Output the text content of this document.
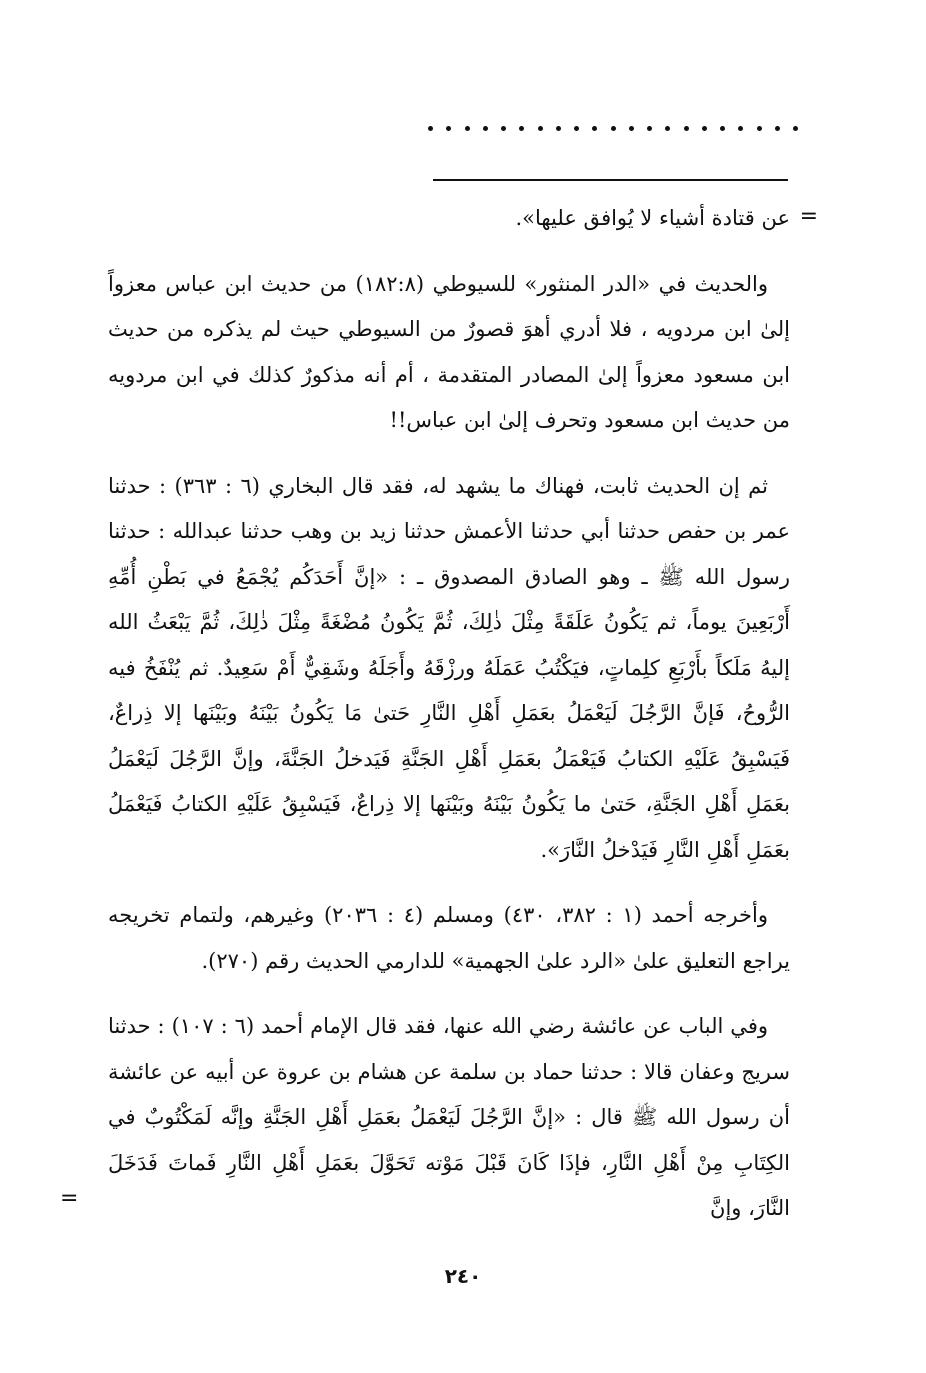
=

عن قتادة أشياء لا يُوافق عليها».

والحديث في «الدر المنثور» للسيوطي (١٨٢:٨) من حديث ابن عباس معزواً إلىٰ ابن مردويه ، فلا أدري أهوَ قصورٌ من السيوطي حيث لم يذكره من حديث ابن مسعود معزواً إلىٰ المصادر المتقدمة ، أم أنه مذكورٌ كذلك في ابن مردويه من حديث ابن مسعود وتحرف إلىٰ ابن عباس!!

ثم إن الحديث ثابت، فهناك ما يشهد له، فقد قال البخاري (٦ : ٣٦٣) : حدثنا عمر بن حفص حدثنا أبي حدثنا الأعمش حدثنا زيد بن وهب حدثنا عبدالله : حدثنا رسول الله ﷺ ـ وهو الصادق المصدوق ـ : «إنَّ أَحَدَكُم يُجْمَعُ في بَطْنِ أُمِّهِ أَرْبَعِينَ يوماً، ثم يَكُونُ عَلَقَةً مِثْلَ ذٰلِكَ، ثُمَّ يَكُونُ مُضْغَةً مِثْلَ ذٰلِكَ، ثُمَّ يَبْعَثُ الله إليهُ مَلَكاً بأَرْبَعِ كلِماتٍ، فيَكْتُبُ عَمَلَهُ ورزْقَهُ وأَجَلَهُ وشَقِيٌّ أَمْ سَعِيدٌ. ثم يُنْفَخُ فيه الرُّوحُ، فَإنَّ الرَّجُلَ لَيَعْمَلُ بعَمَلِ أَهْلِ النَّارِ حَتىٰ مَا يَكُونُ بَيْنَهُ وبَيْنَها إلا ذِراعٌ، فَيَسْبِقُ عَلَيْهِ الكتابُ فَيَعْمَلُ بعَمَلِ أَهْلِ الجَنَّةِ فَيَدخلُ الجَنَّةَ، وإنَّ الرَّجُلَ لَيَعْمَلُ بعَمَلِ أَهْلِ الجَنَّةِ، حَتىٰ ما يَكُونُ بَيْنَهُ وبَيْنَها إلا ذِراعٌ، فَيَسْبِقُ عَلَيْهِ الكتابُ فَيَعْمَلُ بعَمَلِ أَهْلِ النَّارِ فَيَدْخلُ النَّارَ».

وأخرجه أحمد (١ : ٣٨٢، ٤٣٠) ومسلم (٤ : ٢٠٣٦) وغيرهم، ولتمام تخريجه يراجع التعليق علىٰ «الرد علىٰ الجهمية» للدارمي الحديث رقم (٢٧٠).

وفي الباب عن عائشة رضي الله عنها، فقد قال الإمام أحمد (٦ : ١٠٧) : حدثنا سريج وعفان قالا : حدثنا حماد بن سلمة عن هشام بن عروة عن أبيه عن عائشة أن رسول الله ﷺ قال : «إنَّ الرَّجُلَ لَيَعْمَلُ بعَمَلِ أَهْلِ الجَنَّةِ وإنَّه لَمَكْتُوبٌ في الكِتَابِ مِنْ أَهْلِ النَّارِ، فإذَا كَانَ قَبْلَ مَوْته تَحَوَّلَ بعَمَلِ أَهْلِ النَّارِ فَماتَ فَدَخَلَ النَّارَ، وإنَّ

=
٢٤٠
